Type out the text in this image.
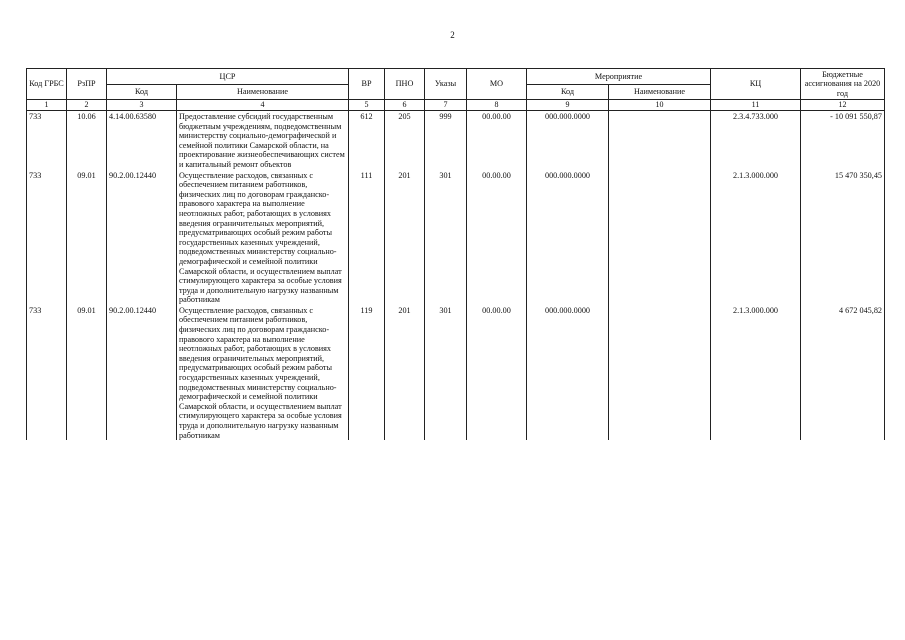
2
Код ГРБС	РзПР	ЦСР		ВР	ПНО	Указы	МО	Мероприятие		КЦ	Бюджетные ассигнования на 2020 год
		Код	Наименование					Код	Наименование		
1	2	3	4	5	6	7	8	9	10	11	12
733	10.06	4.14.00.63580	Предоставление субсидий государственным бюджетным учреждениям, подведомственным министерству социально-демографической и семейной политики Самарской области, на проектирование жизнеобеспечивающих систем и капитальный ремонт объектов	612	205	999	00.00.00	000.000.0000		2.3.4.733.000	- 10 091 550,87
733	09.01	90.2.00.12440	Осуществление расходов, связанных с обеспечением питанием работников, физических лиц по договорам гражданско-правового характера на выполнение неотложных работ, работающих в условиях введения ограничительных мероприятий, предусматривающих особый режим работы государственных казенных учреждений, подведомственных министерству социально-демографической и семейной политики Самарской области, и осуществлением выплат стимулирующего характера за особые условия труда и дополнительную нагрузку названным работникам	111	201	301	00.00.00	000.000.0000		2.1.3.000.000	15 470 350,45
733	09.01	90.2.00.12440	Осуществление расходов, связанных с обеспечением питанием работников, физических лиц по договорам гражданско-правового характера на выполнение неотложных работ, работающих в условиях введения ограничительных мероприятий, предусматривающих особый режим работы государственных казенных учреждений, подведомственных министерству социально-демографической и семейной политики Самарской области, и осуществлением выплат стимулирующего характера за особые условия труда и дополнительную нагрузку названным работникам	119	201	301	00.00.00	000.000.0000		2.1.3.000.000	4 672 045,82
